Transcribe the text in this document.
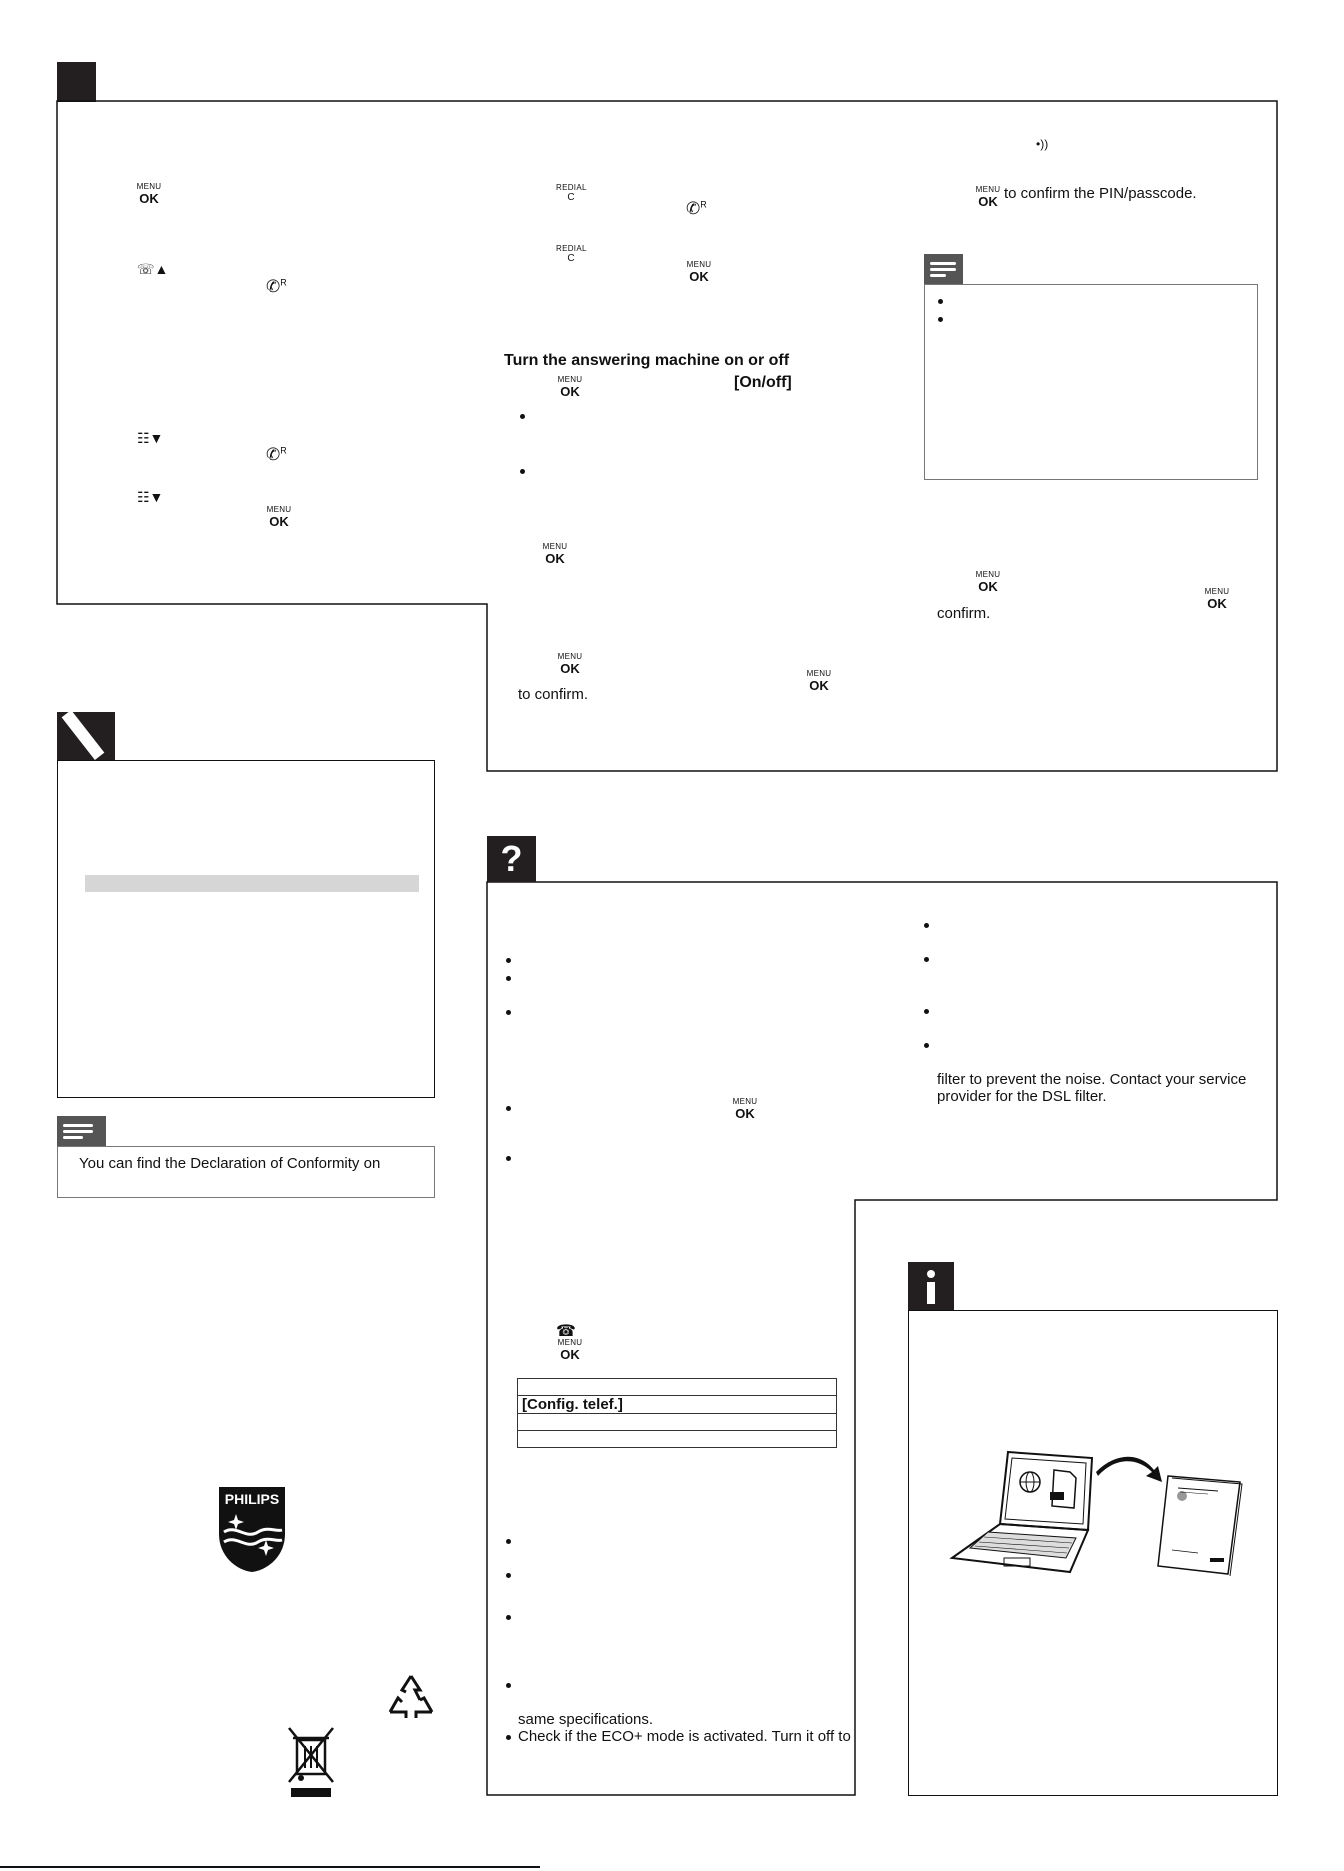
MENU
OK
☏▲
✆$^R$
☷▼
✆$^R$
☷▼
MENU
OK
REDIAL
C
✆$^R$
REDIAL
C
MENU
OK
Turn the answering machine on or off
MENU
OK
[On/off]
MENU
OK
MENU
OK	MENU
OK
to confirm.
•))
MENU
OK to confirm the PIN/passcode.
MENU
OK	MENU
OK
confirm.
You can find the Declaration of Conformity on
PHILIPS
?
MENU
OK
☎
MENU
OK

[Config. telef.]

same specifications.
Check if the ECO+ mode is activated. Turn it off to
filter to prevent the noise. Contact your service
provider for the DSL filter.
